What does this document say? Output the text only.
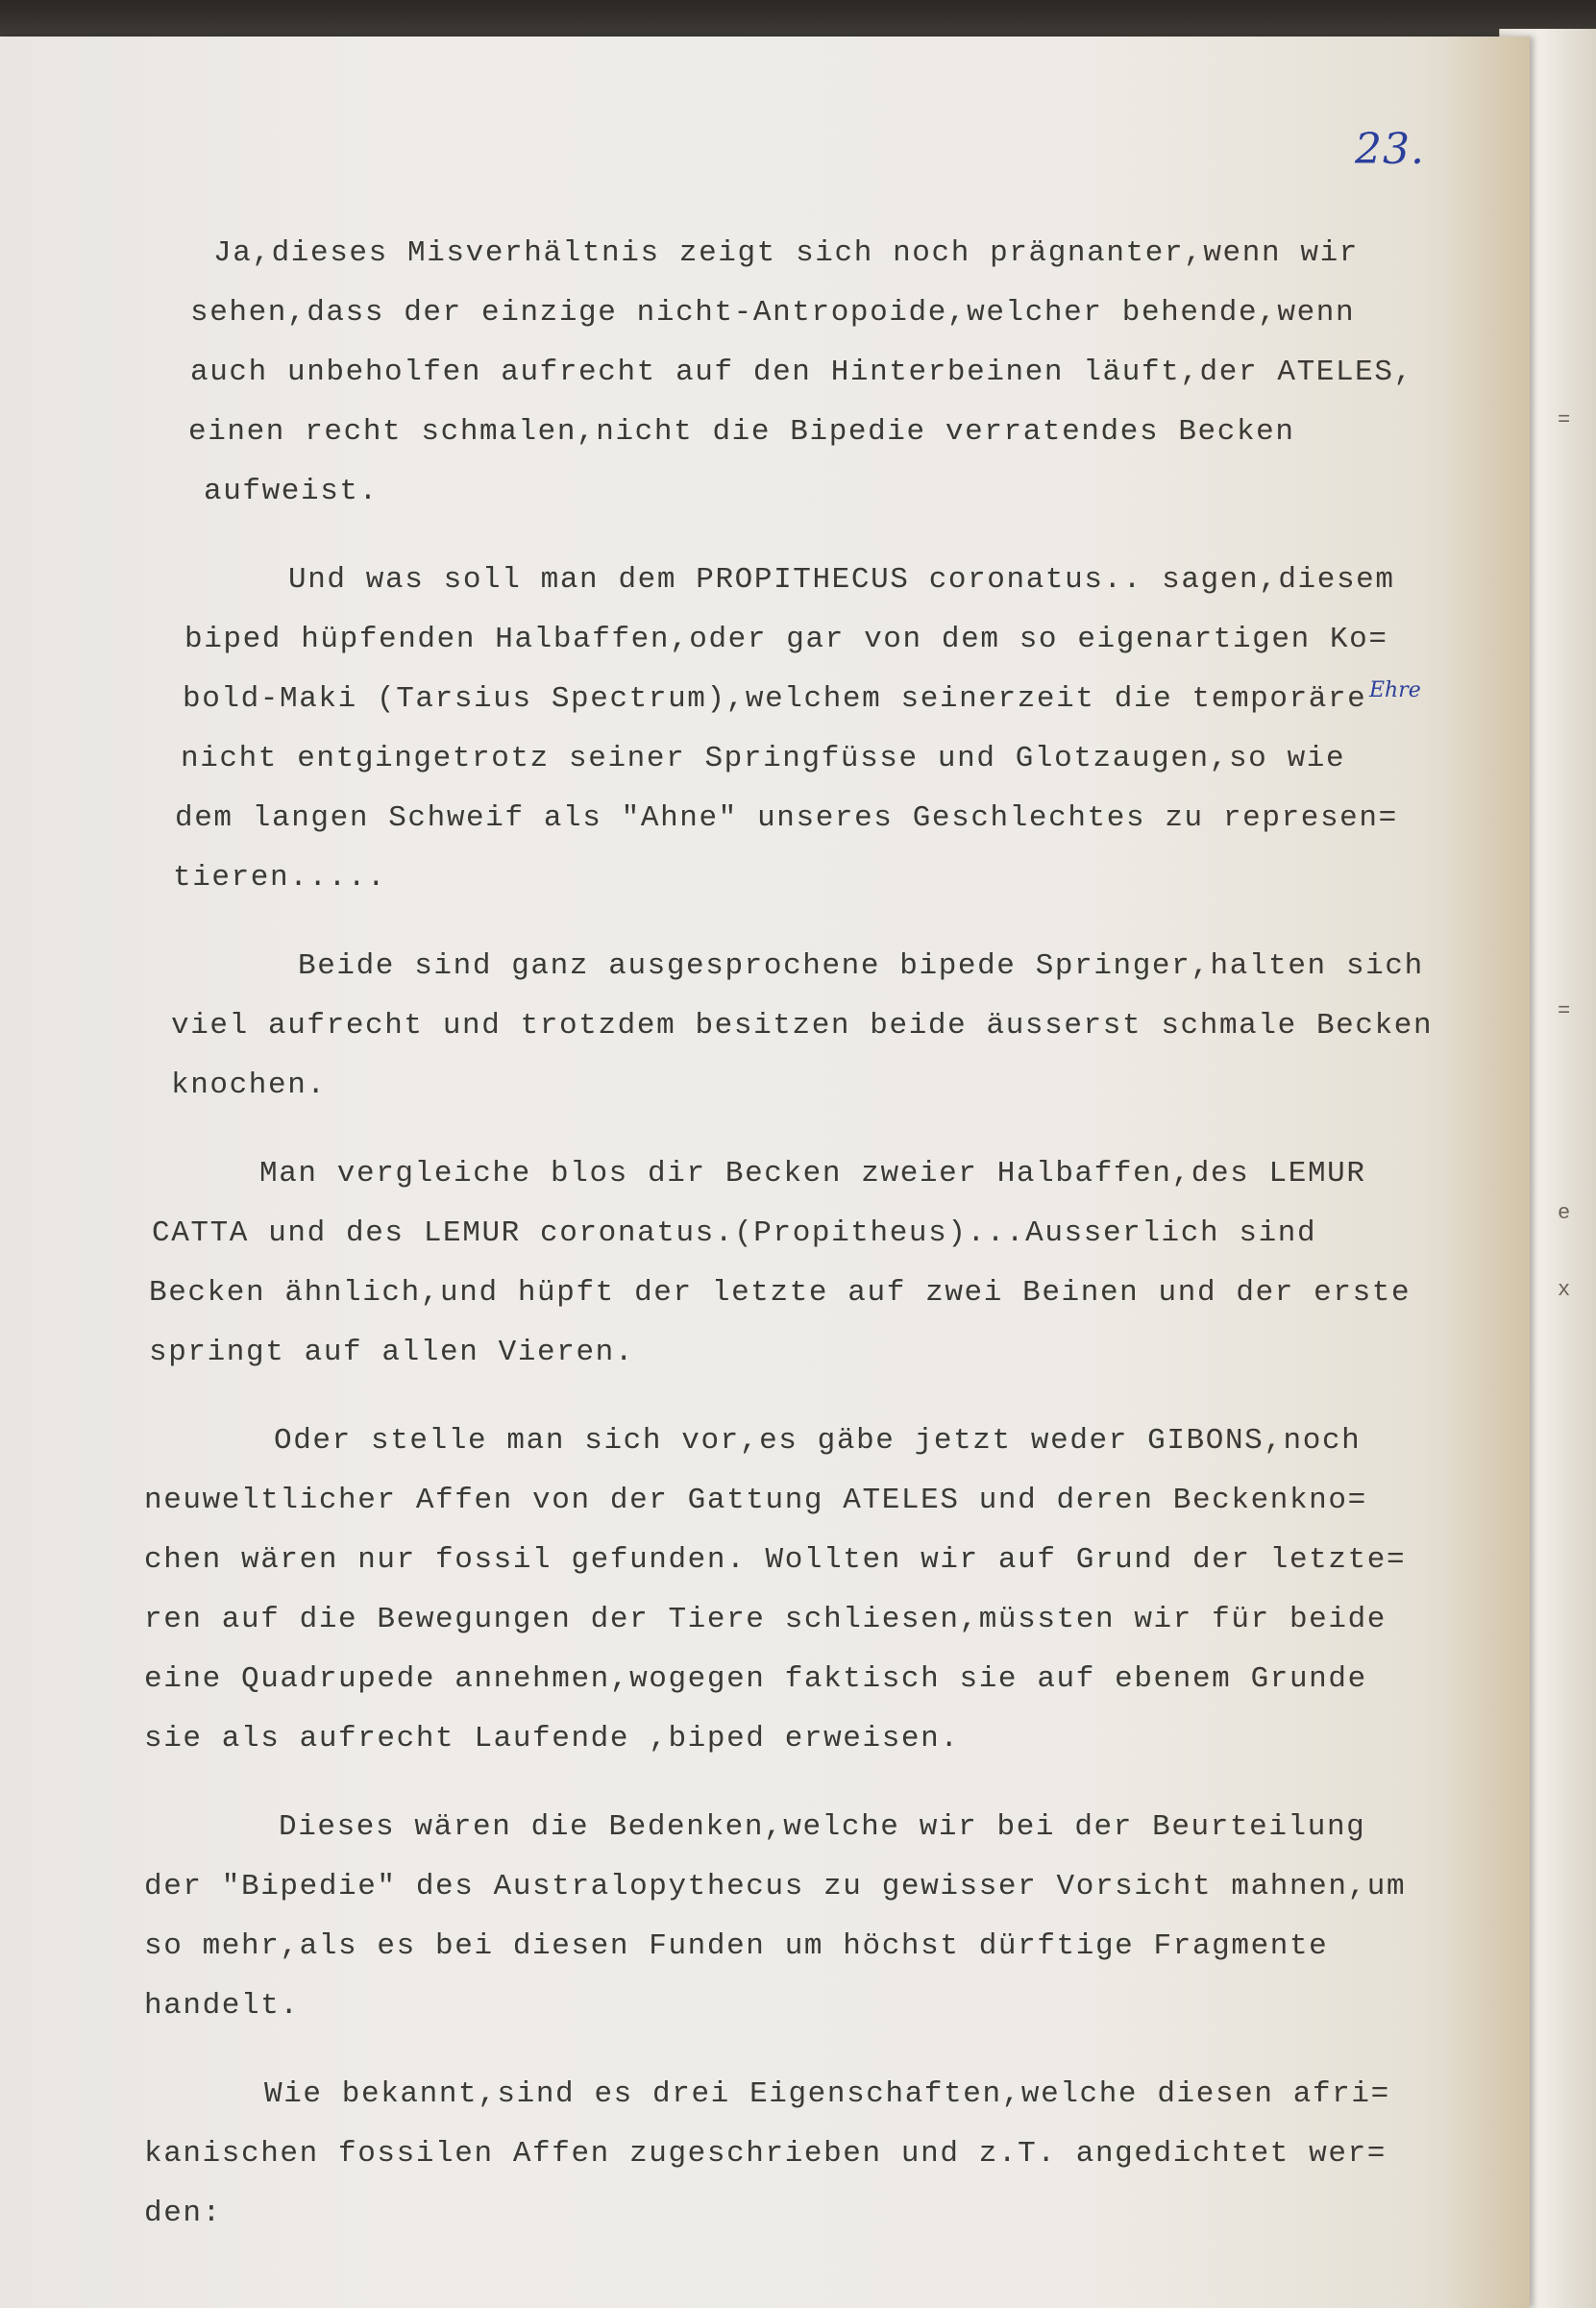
=
=
e
x
23.
Ehre
Ja,dieses Misverhältnis zeigt sich noch prägnanter,wenn wir
sehen,dass der einzige nicht-Antropoide,welcher behende,wenn
auch unbeholfen aufrecht auf den Hinterbeinen läuft,der ATELES,
einen recht schmalen,nicht die Bipedie verratendes Becken
aufweist.
Und was soll man dem PROPITHECUS coronatus.. sagen,diesem
biped hüpfenden Halbaffen,oder gar von dem so eigenartigen Ko=
bold-Maki (Tarsius Spectrum),welchem seinerzeit die temporäre
nicht entgingetrotz seiner Springfüsse und Glotzaugen,so wie
dem langen Schweif als "Ahne" unseres Geschlechtes zu represen=
tieren.....
Beide sind ganz ausgesprochene bipede Springer,halten sich
viel aufrecht und trotzdem besitzen beide äusserst schmale Becken
knochen.
Man vergleiche blos dir Becken zweier Halbaffen,des LEMUR
CATTA und des LEMUR coronatus.(Propitheus)...Ausserlich sind
Becken ähnlich,und hüpft der letzte auf zwei Beinen und der erste
springt auf allen Vieren.
Oder stelle man sich vor,es gäbe jetzt weder GIBONS,noch
neuweltlicher Affen von der Gattung ATELES und deren Beckenkno=
chen wären nur fossil gefunden. Wollten wir auf Grund der letzte=
ren auf die Bewegungen der Tiere schliesen,müssten wir für beide
eine Quadrupede annehmen,wogegen faktisch sie auf ebenem Grunde
sie als aufrecht Laufende ,biped erweisen.
Dieses wären die Bedenken,welche wir bei der Beurteilung
der "Bipedie" des Australopythecus zu gewisser Vorsicht mahnen,um
so mehr,als es bei diesen Funden um höchst dürftige Fragmente
handelt.
Wie bekannt,sind es drei Eigenschaften,welche diesen afri=
kanischen fossilen Affen zugeschrieben und z.T. angedichtet wer=
den:
